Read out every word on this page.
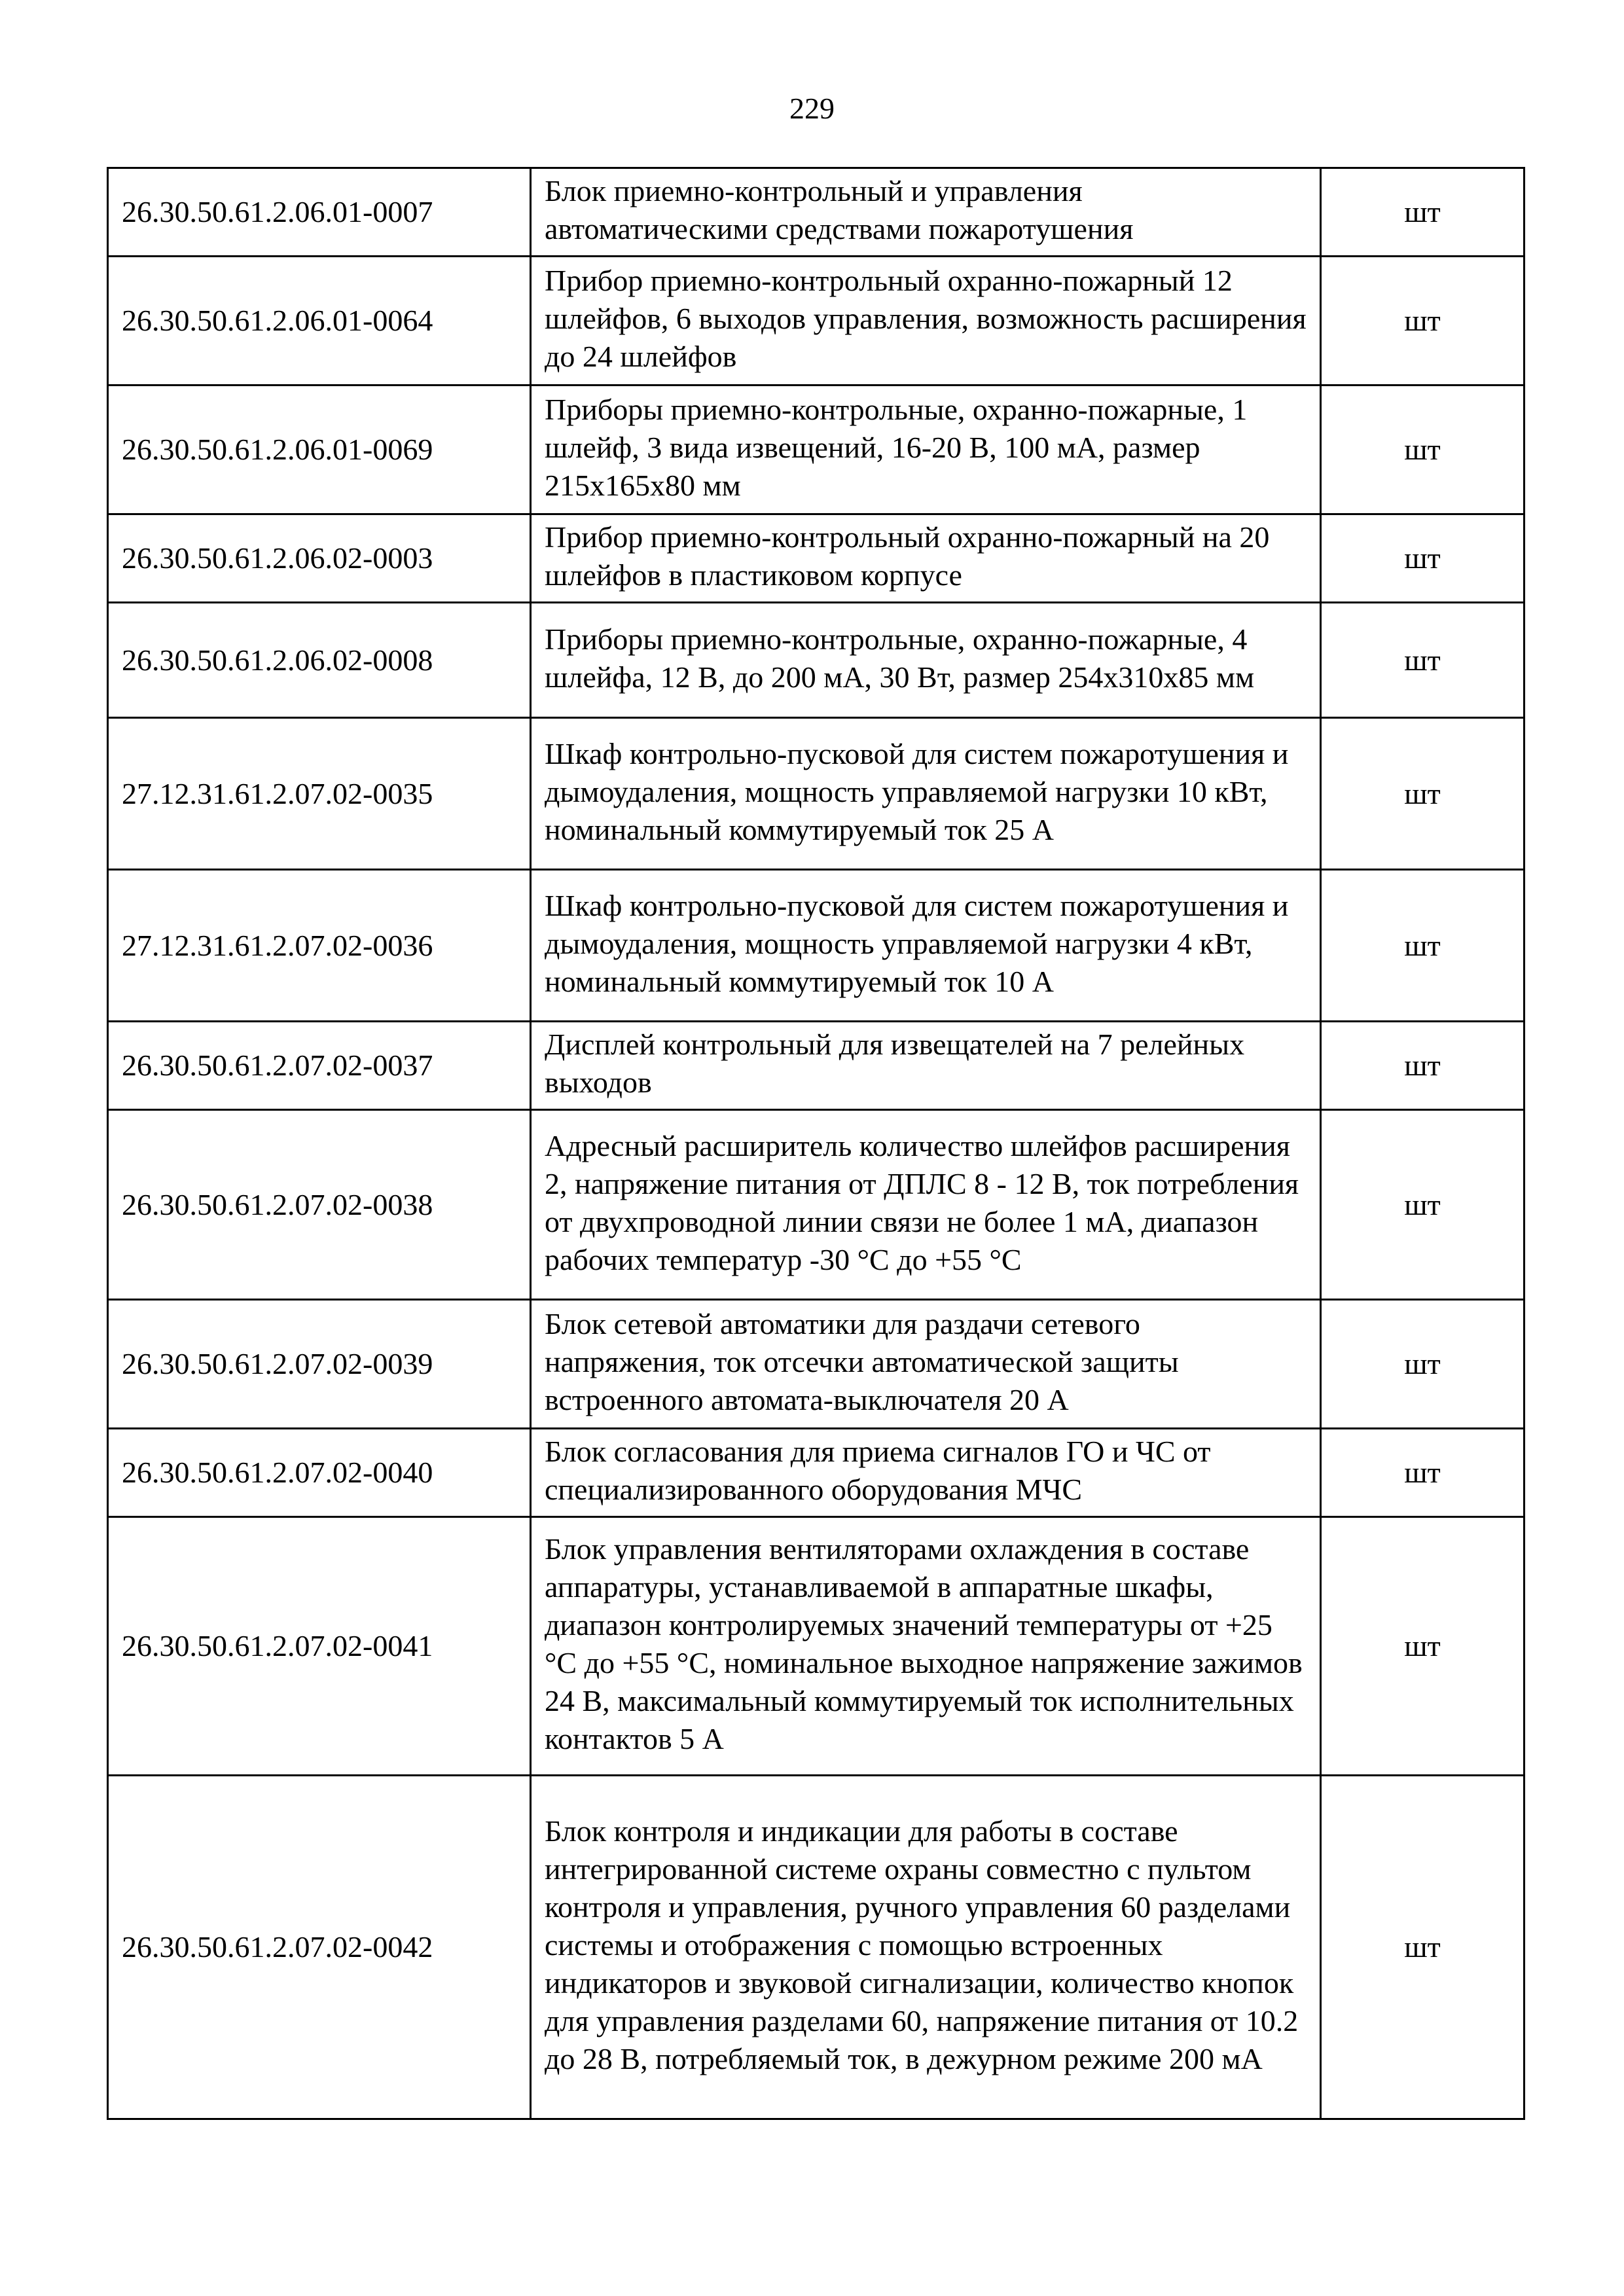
229
26.30.50.61.2.06.01-0007	Блок приемно-контрольный и управления автоматическими средствами пожаротушения	шт
26.30.50.61.2.06.01-0064	Прибор приемно-контрольный охранно-пожарный 12 шлейфов, 6 выходов управления, возможность расширения до 24 шлейфов	шт
26.30.50.61.2.06.01-0069	Приборы приемно-контрольные, охранно-пожарные, 1 шлейф, 3 вида извещений, 16-20 В, 100 мА, размер 215х165х80 мм	шт
26.30.50.61.2.06.02-0003	Прибор приемно-контрольный охранно-пожарный на 20 шлейфов в пластиковом корпусе	шт
26.30.50.61.2.06.02-0008	Приборы приемно-контрольные, охранно-пожарные, 4 шлейфа, 12 В, до 200 мА, 30 Вт, размер 254х310х85 мм	шт
27.12.31.61.2.07.02-0035	Шкаф контрольно-пусковой для систем пожаротушения и дымоудаления, мощность управляемой нагрузки 10 кВт, номинальный коммутируемый ток 25 А	шт
27.12.31.61.2.07.02-0036	Шкаф контрольно-пусковой для систем пожаротушения и дымоудаления, мощность управляемой нагрузки 4 кВт, номинальный коммутируемый ток 10 А	шт
26.30.50.61.2.07.02-0037	Дисплей контрольный для извещателей на 7 релейных выходов	шт
26.30.50.61.2.07.02-0038	Адресный расширитель количество шлейфов расширения 2, напряжение питания от ДПЛС 8 - 12 В, ток потребления от двухпроводной линии связи не более 1 мА, диапазон рабочих температур -30 °С до +55 °С	шт
26.30.50.61.2.07.02-0039	Блок сетевой автоматики для раздачи сетевого напряжения, ток отсечки автоматической защиты встроенного автомата-выключателя 20 А	шт
26.30.50.61.2.07.02-0040	Блок согласования для приема сигналов ГО и ЧС от специализированного оборудования МЧС	шт
26.30.50.61.2.07.02-0041	Блок управления вентиляторами охлаждения в составе аппаратуры, устанавливаемой в аппаратные шкафы, диапазон контролируемых значений температуры от +25 °С до +55 °С, номинальное выходное напряжение зажимов 24 В, максимальный коммутируемый ток исполнительных контактов 5 А	шт
26.30.50.61.2.07.02-0042	Блок контроля и индикации для работы в составе интегрированной системе охраны совместно с пультом контроля и управления, ручного управления 60 разделами системы и отображения с помощью встроенных индикаторов и звуковой сигнализации, количество кнопок для управления разделами 60, напряжение питания от 10.2 до 28 В, потребляемый ток, в дежурном режиме 200 мА	шт
